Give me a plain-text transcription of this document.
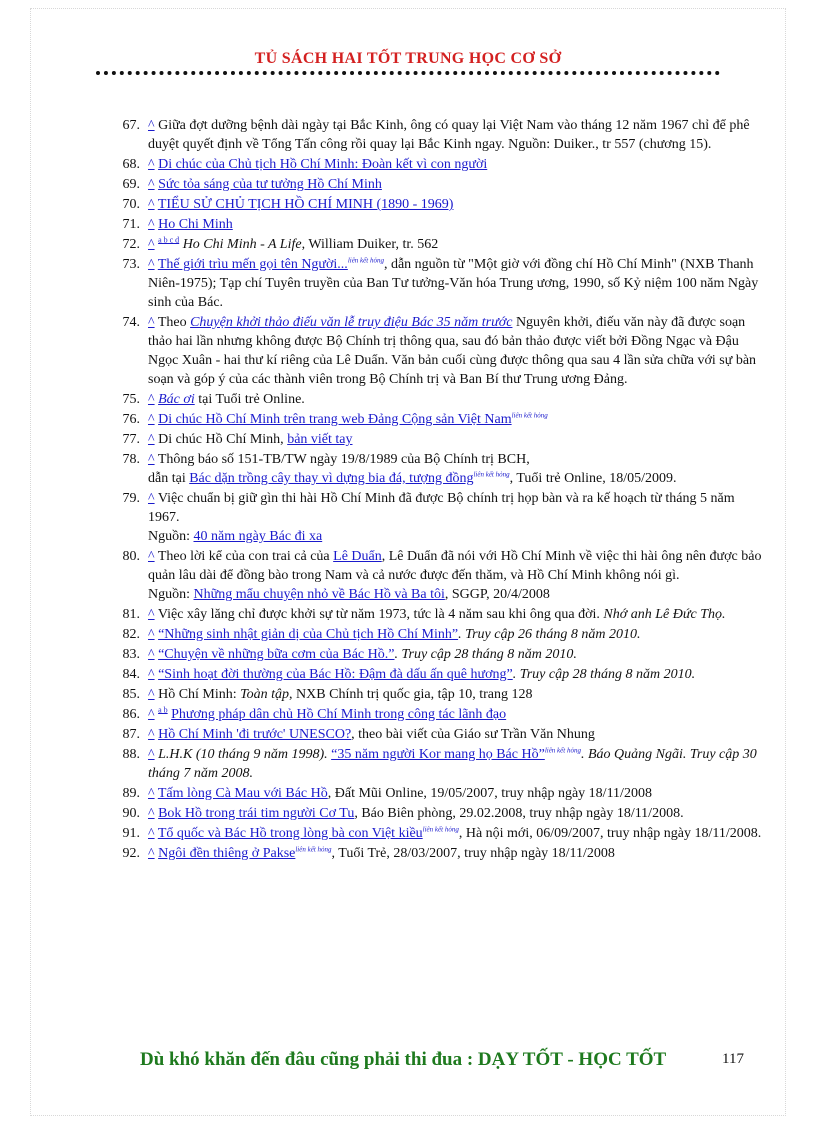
TỦ SÁCH HAI TỐT TRUNG HỌC CƠ SỞ
67. ^ Giữa đợt dưỡng bệnh dài ngày tại Bắc Kinh, ông có quay lại Việt Nam vào tháng 12 năm 1967 chỉ để phê duyệt quyết định về Tổng Tấn công rồi quay lại Bắc Kinh ngay. Nguồn: Duiker., tr 557 (chương 15).
68. ^ Di chúc của Chủ tịch Hồ Chí Minh: Đoàn kết vì con người
69. ^ Sức tỏa sáng của tư tưởng Hồ Chí Minh
70. ^ TIỂU SỬ CHỦ TỊCH HỒ CHÍ MINH (1890 - 1969)
71. ^ Ho Chi Minh
72. ^ $^{a b c d}$ Ho Chi Minh - A Life, William Duiker, tr. 562
73. ^ Thế giới trìu mến gọi tên Người...$^{liên kết hỏng}$, dẫn nguồn từ "Một giờ với đồng chí Hồ Chí Minh" (NXB Thanh Niên-1975); Tạp chí Tuyên truyền của Ban Tư tưởng-Văn hóa Trung ương, 1990, số Kỷ niệm 100 năm Ngày sinh của Bác.
74. ^ Theo Chuyện khởi thảo điếu văn lễ truy điệu Bác 35 năm trước Nguyên khởi, điếu văn này đã được soạn thảo hai lần nhưng không được Bộ Chính trị thông qua, sau đó bản thảo được viết bởi Đồng Ngạc và Đậu Ngọc Xuân - hai thư kí riêng của Lê Duẩn. Văn bản cuối cùng được thông qua sau 4 lần sửa chữa với sự bàn soạn và góp ý của các thành viên trong Bộ Chính trị và Ban Bí thư Trung ương Đảng.
75. ^ Bác ơi tại Tuổi trẻ Online.
76. ^ Di chúc Hồ Chí Minh trên trang web Đảng Cộng sản Việt Nam$^{liên kết hỏng}$
77. ^ Di chúc Hồ Chí Minh, bản viết tay
78. ^ Thông báo số 151-TB/TW ngày 19/8/1989 của Bộ Chính trị BCH,
dẫn tại Bác dặn trồng cây thay vì dựng bia đá, tượng đồng$^{liên kết hỏng}$, Tuổi trẻ Online, 18/05/2009.
79. ^ Việc chuẩn bị giữ gìn thi hài Hồ Chí Minh đã được Bộ chính trị họp bàn và ra kế hoạch từ tháng 5 năm 1967.
Nguồn: 40 năm ngày Bác đi xa
80. ^ Theo lời kể của con trai cả của Lê Duẩn, Lê Duẩn đã nói với Hồ Chí Minh về việc thi hài ông nên được bảo quản lâu dài để đồng bào trong Nam và cả nước được đến thăm, và Hồ Chí Minh không nói gì.
Nguồn: Những mẩu chuyện nhỏ về Bác Hồ và Ba tôi, SGGP, 20/4/2008
81. ^ Việc xây lăng chỉ được khởi sự từ năm 1973, tức là 4 năm sau khi ông qua đời. Nhớ anh Lê Đức Thọ.
82. ^ “Những sinh nhật giản dị của Chủ tịch Hồ Chí Minh”. Truy cập 26 tháng 8 năm 2010.
83. ^ “Chuyện về những bữa cơm của Bác Hồ.”. Truy cập 28 tháng 8 năm 2010.
84. ^ “Sinh hoạt đời thường của Bác Hồ: Đậm đà dấu ấn quê hương”. Truy cập 28 tháng 8 năm 2010.
85. ^ Hồ Chí Minh: Toàn tập, NXB Chính trị quốc gia, tập 10, trang 128
86. ^ $^{a b}$ Phương pháp dân chủ Hồ Chí Minh trong công tác lãnh đạo
87. ^ Hồ Chí Minh 'đi trước' UNESCO?, theo bài viết của Giáo sư Trần Văn Nhung
88. ^ L.H.K (10 tháng 9 năm 1998). “35 năm người Kor mang họ Bác Hồ”$^{liên kết hỏng}$. Báo Quảng Ngãi. Truy cập 30 tháng 7 năm 2008.
89. ^ Tấm lòng Cà Mau với Bác Hồ, Đất Mũi Online, 19/05/2007, truy nhập ngày 18/11/2008
90. ^ Bok Hồ trong trái tim người Cơ Tu, Báo Biên phòng, 29.02.2008, truy nhập ngày 18/11/2008.
91. ^ Tổ quốc và Bác Hồ trong lòng bà con Việt kiều$^{liên kết hỏng}$, Hà nội mới, 06/09/2007, truy nhập ngày 18/11/2008.
92. ^ Ngôi đền thiêng ở Pakse$^{liên kết hỏng}$, Tuổi Trẻ, 28/03/2007, truy nhập ngày 18/11/2008
Dù khó khăn đến đâu cũng phải thi đua : DẠY TỐT - HỌC TỐT	117
